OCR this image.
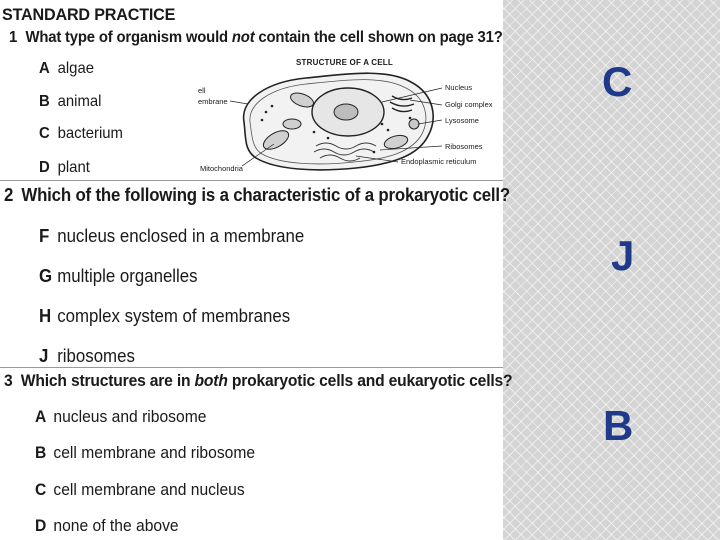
STANDARD PRACTICE
1 What type of organism would not contain the cell shown on page 31?
A algae
B animal
C bacterium
D plant
STRUCTURE OF A CELL
ell
embrane
Mitochondria
Nucleus
Golgi complex
Lysosome
Ribosomes
Endoplasmic reticulum
2 Which of the following is a characteristic of a prokaryotic cell?
F nucleus enclosed in a membrane
G multiple organelles
H complex system of membranes
J ribosomes
3 Which structures are in both prokaryotic cells and eukaryotic cells?
A nucleus and ribosome
B cell membrane and ribosome
C cell membrane and nucleus
D none of the above
C
J
B
